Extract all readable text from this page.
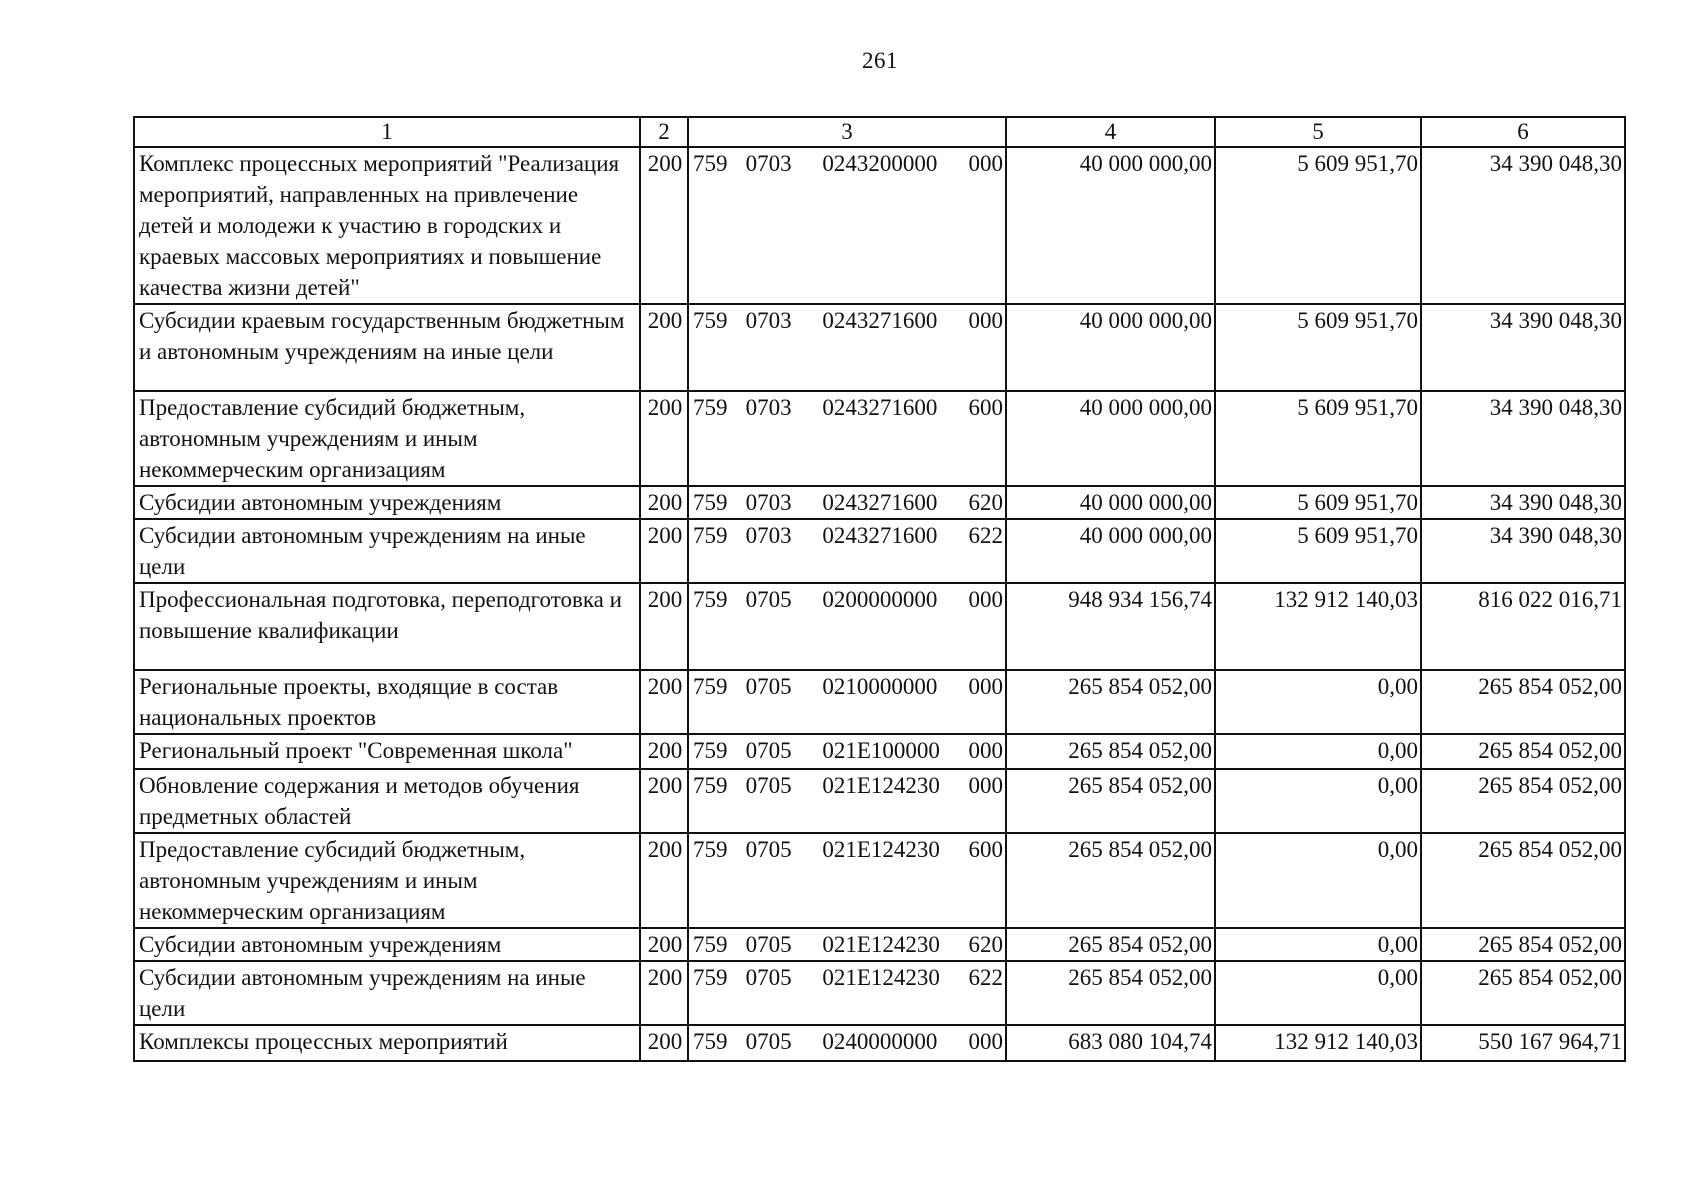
261
1	2	3	4	5	6
Комплекс процессных мероприятий "Реализация мероприятий, направленных на привлечение детей и молодежи к участию в городских и краевых массовых мероприятиях и повышение качества жизни детей"	200	759 0703 0243200000 000	40 000 000,00	5 609 951,70	34 390 048,30
Субсидии краевым государственным бюджетным и автономным учреждениям на иные цели	200	759 0703 0243271600 000	40 000 000,00	5 609 951,70	34 390 048,30
Предоставление субсидий бюджетным, автономным учреждениям и иным некоммерческим организациям	200	759 0703 0243271600 600	40 000 000,00	5 609 951,70	34 390 048,30
Субсидии автономным учреждениям	200	759 0703 0243271600 620	40 000 000,00	5 609 951,70	34 390 048,30
Субсидии автономным учреждениям на иные цели	200	759 0703 0243271600 622	40 000 000,00	5 609 951,70	34 390 048,30
Профессиональная подготовка, переподготовка и повышение квалификации	200	759 0705 0200000000 000	948 934 156,74	132 912 140,03	816 022 016,71
Региональные проекты, входящие в состав национальных проектов	200	759 0705 0210000000 000	265 854 052,00	0,00	265 854 052,00
Региональный проект "Современная школа"	200	759 0705 021E100000 000	265 854 052,00	0,00	265 854 052,00
Обновление содержания и методов обучения предметных областей	200	759 0705 021E124230 000	265 854 052,00	0,00	265 854 052,00
Предоставление субсидий бюджетным, автономным учреждениям и иным некоммерческим организациям	200	759 0705 021E124230 600	265 854 052,00	0,00	265 854 052,00
Субсидии автономным учреждениям	200	759 0705 021E124230 620	265 854 052,00	0,00	265 854 052,00
Субсидии автономным учреждениям на иные цели	200	759 0705 021E124230 622	265 854 052,00	0,00	265 854 052,00
Комплексы процессных мероприятий	200	759 0705 0240000000 000	683 080 104,74	132 912 140,03	550 167 964,71
